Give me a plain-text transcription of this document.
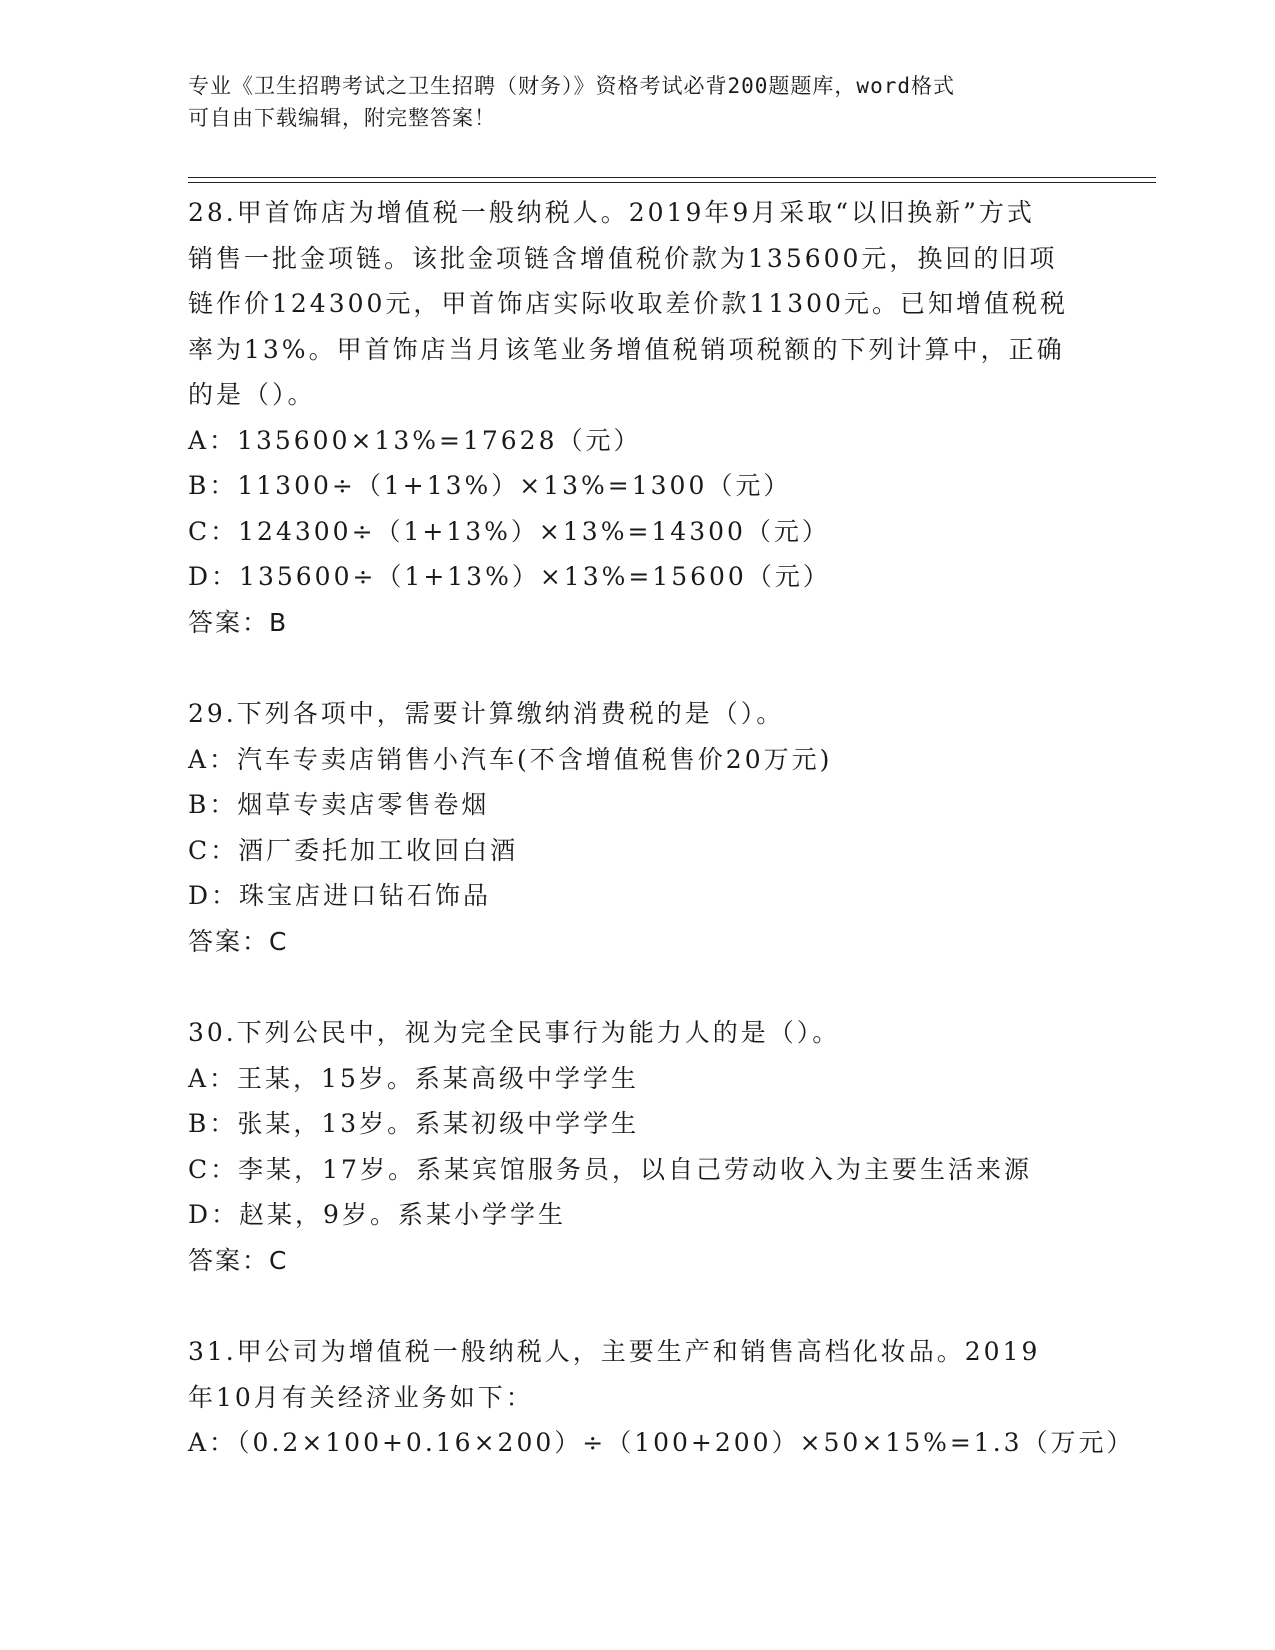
专业《卫生招聘考试之卫生招聘（财务）》资格考试必背200题题库，word格式
可自由下载编辑，附完整答案！
28.甲首饰店为增值税一般纳税人。2019年9月采取“以旧换新”方式
销售一批金项链。该批金项链含增值税价款为135600元，换回的旧项
链作价124300元，甲首饰店实际收取差价款11300元。已知增值税税
率为13%。甲首饰店当月该笔业务增值税销项税额的下列计算中，正确
的是（）。
A：135600×13%=17628（元）
B：11300÷（1+13%）×13%=1300（元）
C：124300÷（1+13%）×13%=14300（元）
D：135600÷（1+13%）×13%=15600（元）
答案：B
29.下列各项中，需要计算缴纳消费税的是（）。
A：汽车专卖店销售小汽车(不含增值税售价20万元)
B：烟草专卖店零售卷烟
C：酒厂委托加工收回白酒
D：珠宝店进口钻石饰品
答案：C
30.下列公民中，视为完全民事行为能力人的是（）。
A：王某，15岁。系某高级中学学生
B：张某，13岁。系某初级中学学生
C：李某，17岁。系某宾馆服务员，以自己劳动收入为主要生活来源
D：赵某，9岁。系某小学学生
答案：C
31.甲公司为增值税一般纳税人，主要生产和销售高档化妆品。2019
年10月有关经济业务如下：
A：（0.2×100+0.16×200）÷（100+200）×50×15%=1.3（万元）
